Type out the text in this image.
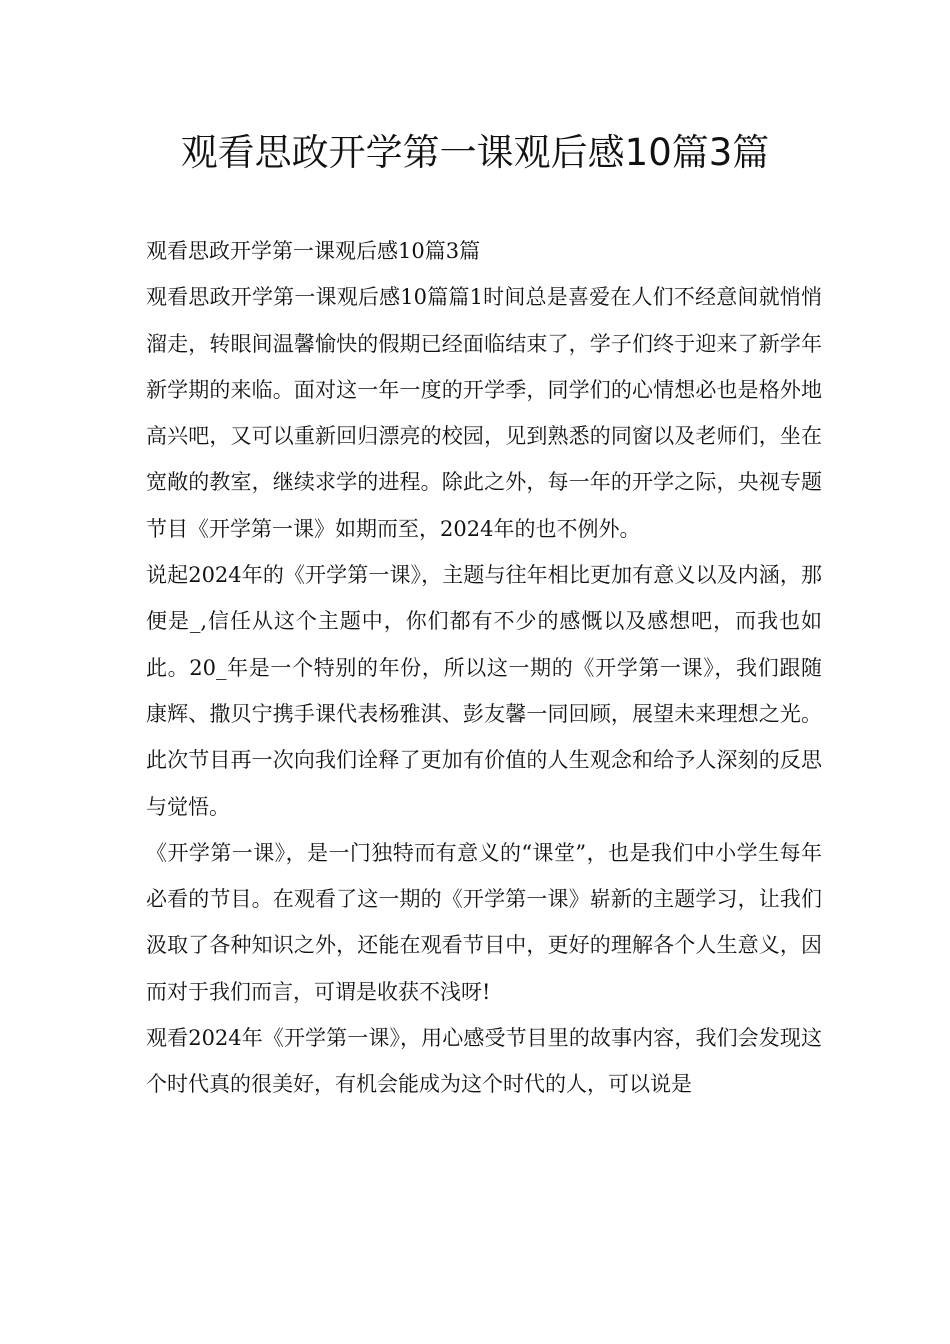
观看思政开学第一课观后感10篇3篇

观看思政开学第一课观后感10篇3篇

观看思政开学第一课观后感10篇篇1时间总是喜爱在人们不经意间就悄悄溜走，转眼间温馨愉快的假期已经面临结束了，学子们终于迎来了新学年新学期的来临。面对这一年一度的开学季，同学们的心情想必也是格外地高兴吧，又可以重新回归漂亮的校园，见到熟悉的同窗以及老师们，坐在宽敞的教室，继续求学的进程。除此之外，每一年的开学之际，央视专题节目《开学第一课》如期而至，2024年的也不例外。

说起2024年的《开学第一课》，主题与往年相比更加有意义以及内涵，那便是_,信任从这个主题中，你们都有不少的感慨以及感想吧，而我也如此。20_年是一个特别的年份，所以这一期的《开学第一课》，我们跟随康辉、撒贝宁携手课代表杨雅淇、彭友馨一同回顾，展望未来理想之光。此次节目再一次向我们诠释了更加有价值的人生观念和给予人深刻的反思与觉悟。

《开学第一课》，是一门独特而有意义的“课堂”，也是我们中小学生每年必看的节目。在观看了这一期的《开学第一课》崭新的主题学习，让我们汲取了各种知识之外，还能在观看节目中，更好的理解各个人生意义，因而对于我们而言，可谓是收获不浅呀!

观看2024年《开学第一课》，用心感受节目里的故事内容，我们会发现这个时代真的很美好，有机会能成为这个时代的人，可以说是
